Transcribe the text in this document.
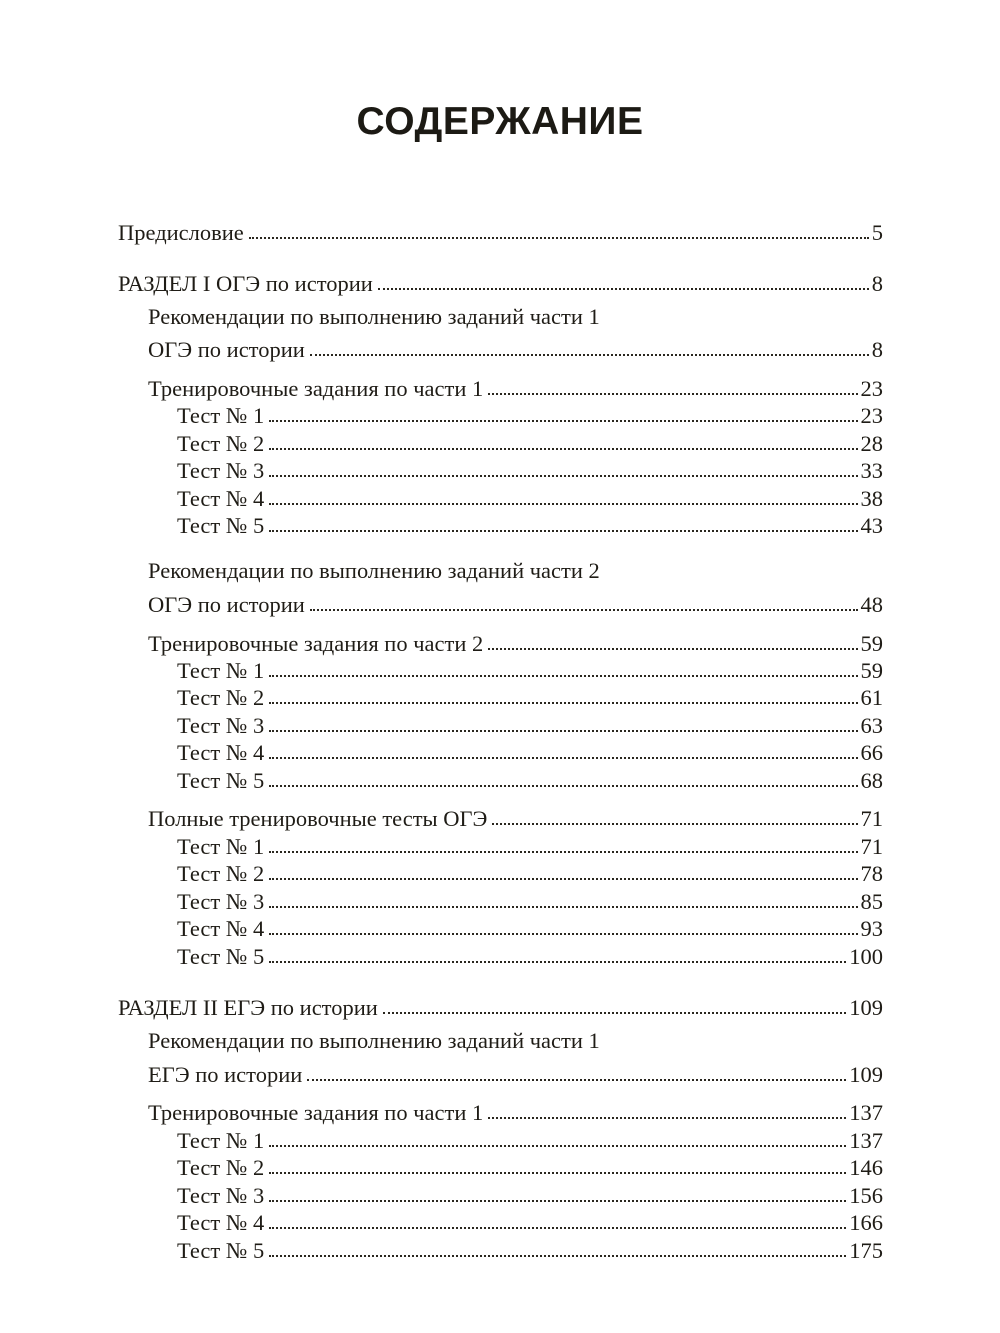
СОДЕРЖАНИЕ
Предисловие	5
РАЗДЕЛ I ОГЭ по истории	8
Рекомендации по выполнению заданий части 1
ОГЭ по истории	8
Тренировочные задания по части 1	23
Тест № 1	23
Тест № 2	28
Тест № 3	33
Тест № 4	38
Тест № 5	43
Рекомендации по выполнению заданий части 2
ОГЭ по истории	48
Тренировочные задания по части 2	59
Тест № 1	59
Тест № 2	61
Тест № 3	63
Тест № 4	66
Тест № 5	68
Полные тренировочные тесты ОГЭ	71
Тест № 1	71
Тест № 2	78
Тест № 3	85
Тест № 4	93
Тест № 5	100
РАЗДЕЛ II ЕГЭ по истории	109
Рекомендации по выполнению заданий части 1
ЕГЭ по истории	109
Тренировочные задания по части 1	137
Тест № 1	137
Тест № 2	146
Тест № 3	156
Тест № 4	166
Тест № 5	175
